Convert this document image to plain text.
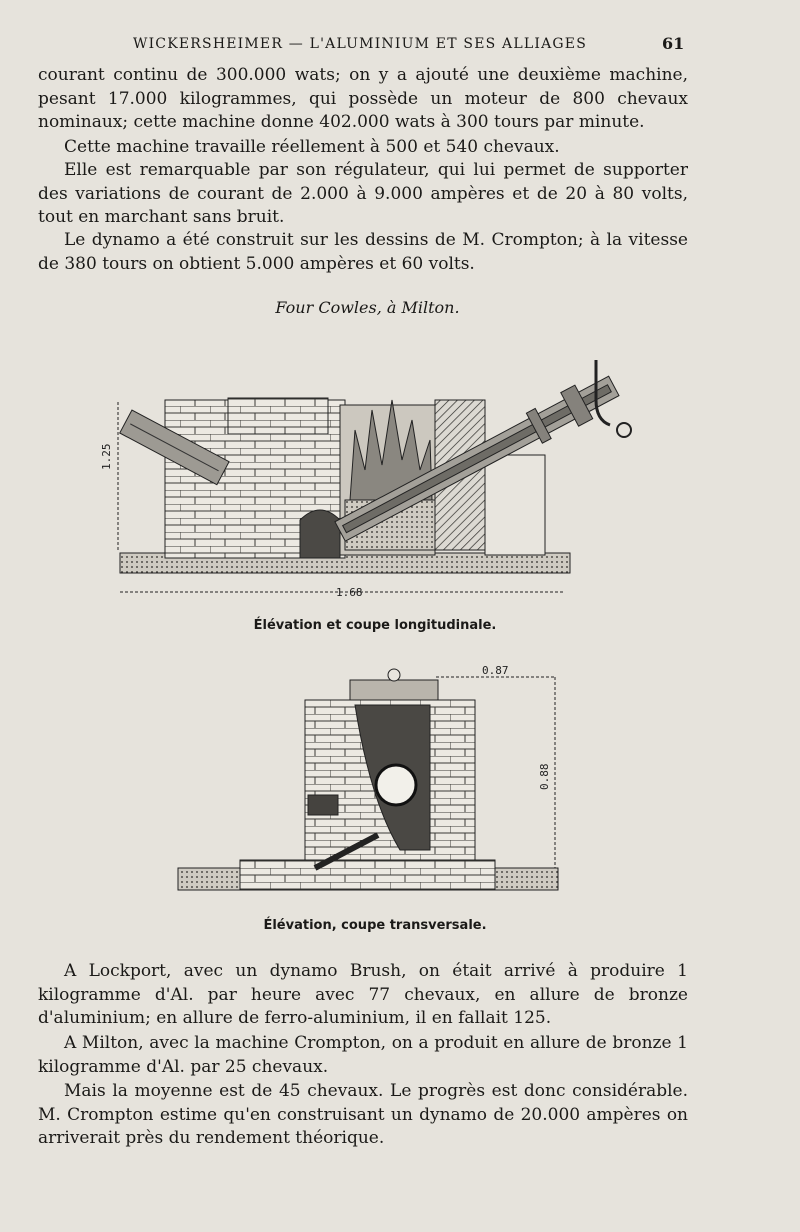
WICKERSHEIMER — L'ALUMINIUM ET SES ALLIAGES	61
courant continu de 300.000 wats; on y a ajouté une deuxième machine, pesant 17.000 kilogrammes, qui possède un moteur de 800 chevaux nominaux; cette machine donne 402.000 wats à 300 tours par minute.
Cette machine travaille réellement à 500 et 540 chevaux.
Elle est remarquable par son régulateur, qui lui permet de supporter des variations de courant de 2.000 à 9.000 ampères et de 20 à 80 volts, tout en marchant sans bruit.
Le dynamo a été construit sur les dessins de M. Crompton; à la vitesse de 380 tours on obtient 5.000 ampères et 60 volts.
Four Cowles, à Milton.
1.25
1.68
0.87
0.88
Élévation et coupe longitudinale.
Élévation, coupe transversale.
A Lockport, avec un dynamo Brush, on était arrivé à produire 1 kilogramme d'Al. par heure avec 77 chevaux, en allure de bronze d'aluminium; en allure de ferro-aluminium, il en fallait 125.
A Milton, avec la machine Crompton, on a produit en allure de bronze 1 kilogramme d'Al. par 25 chevaux.
Mais la moyenne est de 45 chevaux. Le progrès est donc considérable. M. Crompton estime qu'en construisant un dynamo de 20.000 ampères on arriverait près du rendement théorique.
